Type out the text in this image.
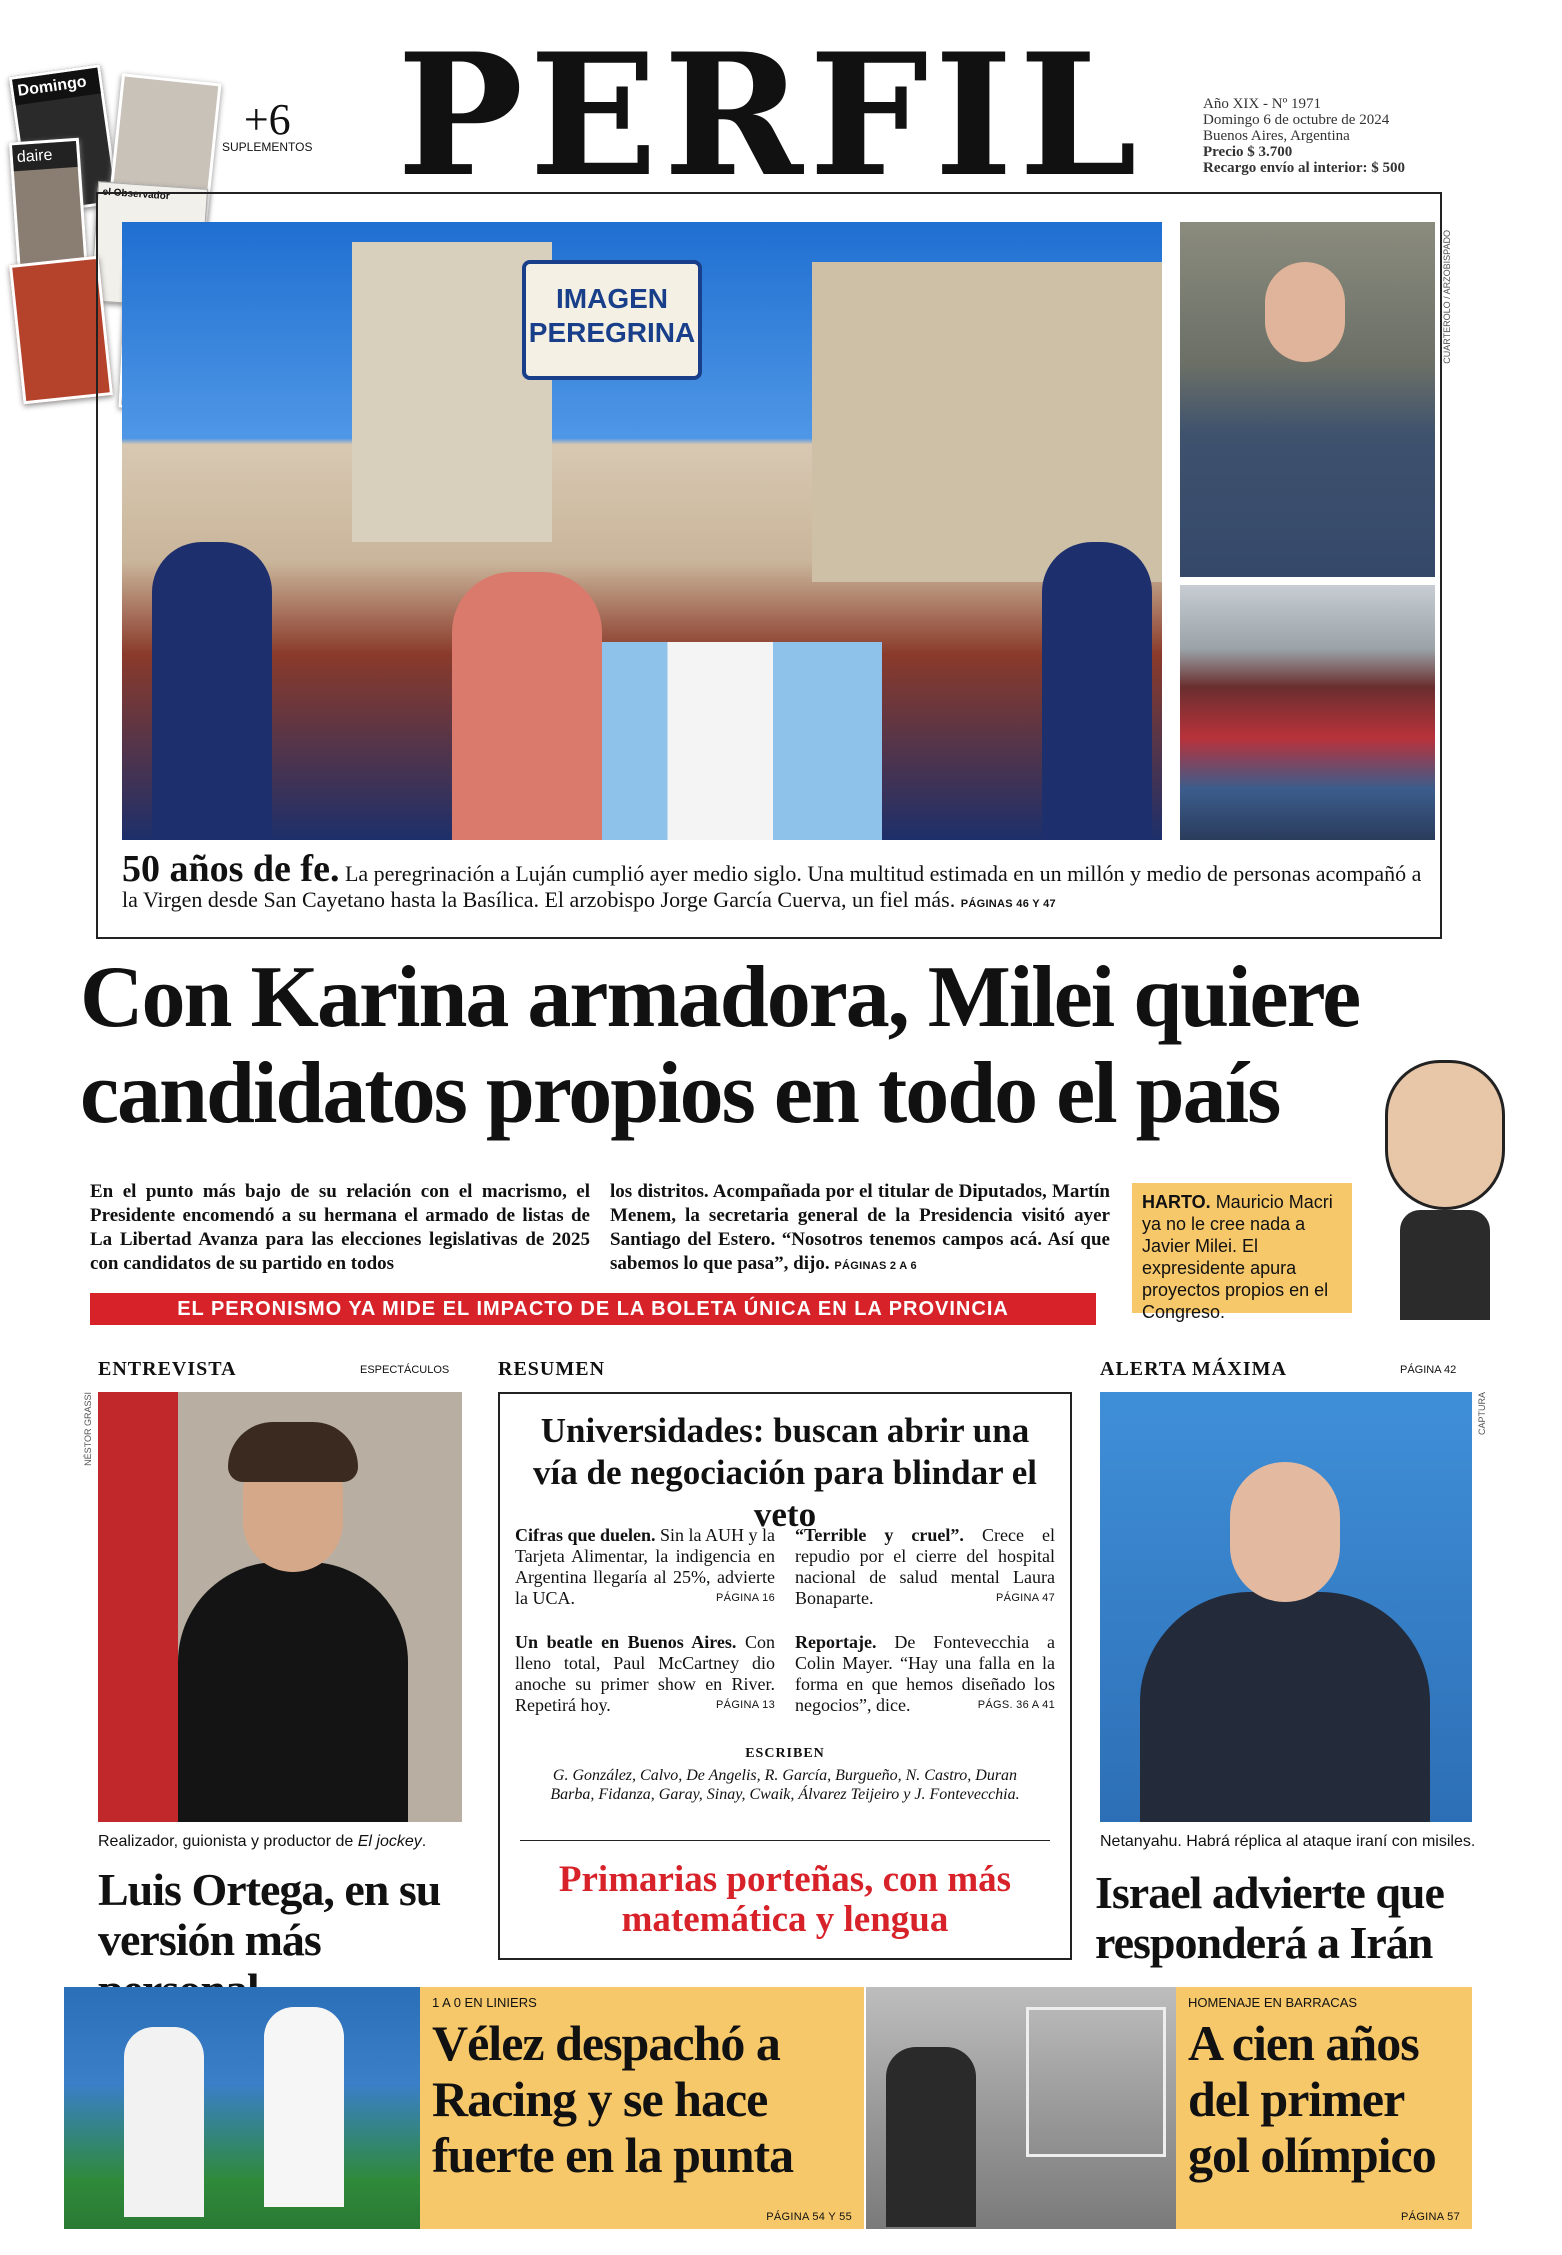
Domingo
daire
el Observador
+6
SUPLEMENTOS PERFIL	Año XIX - Nº 1971
Domingo 6 de octubre de 2024
Buenos Aires, Argentina
Precio $ 3.700
Recargo envío al interior: $ 500
IMAGEN PEREGRINA	CUARTEROLO / ARZOBISPADO
50 años de fe. La peregrinación a Luján cumplió ayer medio siglo. Una multitud estimada en un millón y medio de personas acompañó a la Virgen desde San Cayetano hasta la Basílica. El arzobispo Jorge García Cuerva, un fiel más. PÁGINAS 46 Y 47
Con Karina armadora, Milei quiere
candidatos propios en todo el país
En el punto más bajo de su relación con el macrismo, el Presidente encomendó a su hermana el armado de listas de La Libertad Avanza para las elecciones legislativas de 2025 con candidatos de su partido en todos
los distritos. Acompañada por el titular de Diputados, Martín Menem, la secretaria general de la Presidencia visitó ayer Santiago del Estero. “Nosotros tenemos campos acá. Así que sabemos lo que pasa”, dijo. PÁGINAS 2 A 6
HARTO. Mauricio Macri ya no le cree nada a Javier Milei. El expresidente apura proyectos propios en el Congreso.
EL PERONISMO YA MIDE EL IMPACTO DE LA BOLETA ÚNICA EN LA PROVINCIA
ENTREVISTA	ESPECTÁCULOS
NÉSTOR GRASSI
Realizador, guionista y productor de El jockey.
Luis Ortega, en su versión más
RESUMEN
Universidades: buscan abrir una vía de negociación para blindar el veto
Cifras que duelen. Sin la AUH y la Tarjeta Alimentar, la indigencia en Argentina llegaría al 25%, advierte la UCA.	PÁGINA 16
“Terrible y cruel”. Crece el repudio por el cierre del hospital nacional de salud mental Laura Bonaparte.	PÁGINA 47
Un beatle en Buenos Aires. Con lleno total, Paul McCartney dio anoche su primer show en River. Repetirá hoy.	PÁGINA 13
Reportaje. De Fontevecchia a Colin Mayer. “Hay una falla en la forma en que hemos diseñado los negocios”, dice.	PÁGS. 36 A 41
ESCRIBEN
G. González, Calvo, De Angelis, R. García, Burgueño, N. Castro, Duran Barba, Fidanza, Garay, Sinay, Cwaik, Álvarez Teijeiro y J. Fontevecchia.
Primarias porteñas, con más matemática y lengua
ALERTA MÁXIMA	PÁGINA 42
CAPTURA
Netanyahu. Habrá réplica al ataque iraní con misiles.
Israel advierte que responderá a Irán
1 A 0 EN LINIERS
Vélez despachó a Racing y se hace fuerte en la punta
PÁGINA 54 Y 55
HOMENAJE EN BARRACAS
A cien años del primer gol olímpico
PÁGINA 57
